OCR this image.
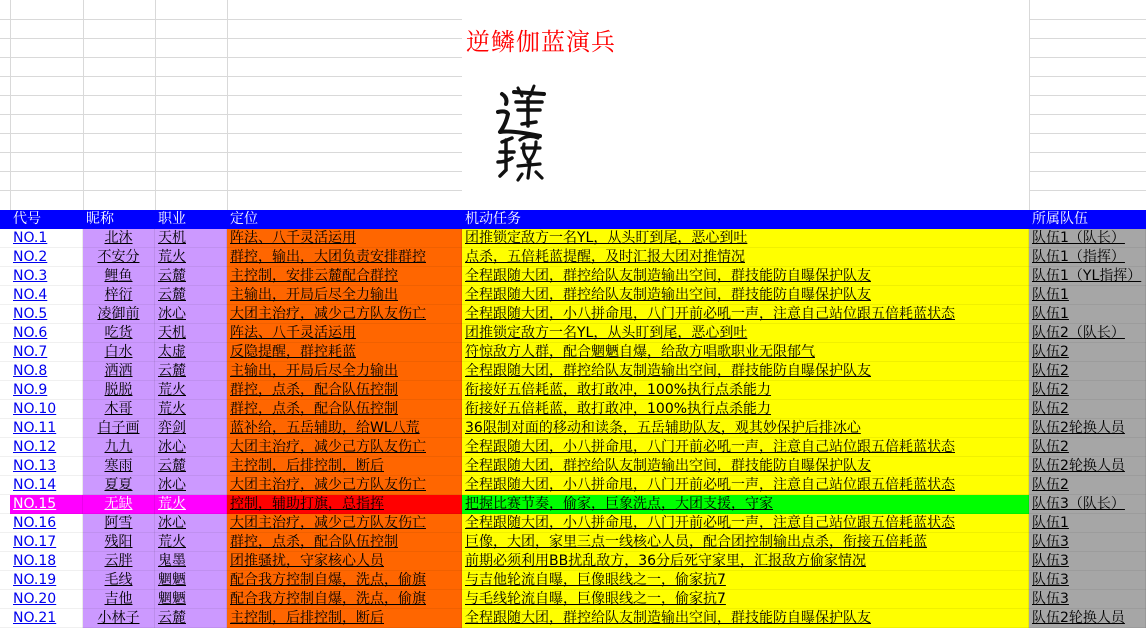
逆鳞伽蓝演兵
代号	昵称	职业	定位	机动任务	所属队伍
NO.1	北沐	天机	阵法、八千灵活运用	团推锁定敌方一名YL，从头盯到尾，恶心到吐	队伍1（队长）
NO.2	不安分	荒火	群控，输出，大团负责安排群控	点杀，五倍耗蓝提醒，及时汇报大团对推情况	队伍1（指挥）
NO.3	鲤鱼	云麓	主控制，安排云麓配合群控	全程跟随大团，群控给队友制造输出空间，群技能防自曝保护队友	队伍1（YL指挥）
NO.4	梓衍	云麓	主输出，开局后尽全力输出	全程跟随大团，群控给队友制造输出空间，群技能防自曝保护队友	队伍1
NO.5	凌御前	冰心	大团主治疗，减少己方队友伤亡	全程跟随大团，小八拼命甩，八门开前必吼一声，注意自己站位跟五倍耗蓝状态	队伍1
NO.6	吃货	天机	阵法、八千灵活运用	团推锁定敌方一名YL，从头盯到尾，恶心到吐	队伍2（队长）
NO.7	白水	太虚	反隐提醒，群控耗蓝	符惊敌方人群，配合魍魉自爆，给敌方唱歌职业无限郁气	队伍2
NO.8	洒洒	云麓	主输出，开局后尽全力输出	全程跟随大团，群控给队友制造输出空间，群技能防自曝保护队友	队伍2
NO.9	脱脱	荒火	群控，点杀，配合队伍控制	衔接好五倍耗蓝，敢打敢冲，100%执行点杀能力	队伍2
NO.10	木哥	荒火	群控，点杀，配合队伍控制	衔接好五倍耗蓝，敢打敢冲，100%执行点杀能力	队伍2
NO.11	白子画	弈剑	蓝补给，五岳辅助，给WL八荒	36限制对面的移动和读条，五岳辅助队友，观其妙保护后排冰心	队伍2轮换人员
NO.12	九九	冰心	大团主治疗，减少己方队友伤亡	全程跟随大团，小八拼命甩，八门开前必吼一声，注意自己站位跟五倍耗蓝状态	队伍2
NO.13	寒雨	云麓	主控制，后排控制，断后	全程跟随大团，群控给队友制造输出空间，群技能防自曝保护队友	队伍2轮换人员
NO.14	夏夏	冰心	大团主治疗，减少己方队友伤亡	全程跟随大团，小八拼命甩，八门开前必吼一声，注意自己站位跟五倍耗蓝状态	队伍2
NO.15	无缺	荒火	控制，辅助打旗，总指挥	把握比赛节奏，偷家，巨象洗点，大团支援，守家	队伍3（队长）
NO.16	阿雪	冰心	大团主治疗，减少己方队友伤亡	全程跟随大团，小八拼命甩，八门开前必吼一声，注意自己站位跟五倍耗蓝状态	队伍1
NO.17	残阳	荒火	群控，点杀，配合队伍控制	巨像，大团，家里三点一线核心人员，配合团控制输出点杀，衔接五倍耗蓝	队伍3
NO.18	云胖	鬼墨	团推骚扰，守家核心人员	前期必须利用BB扰乱敌方，36分后死守家里，汇报敌方偷家情况	队伍3
NO.19	毛线	魍魉	配合我方控制自爆，洗点，偷旗	与吉他轮流自曝，巨像眼线之一，偷家抗7	队伍3
NO.20	吉他	魍魉	配合我方控制自爆，洗点，偷旗	与毛线轮流自曝，巨像眼线之一，偷家抗7	队伍3
NO.21	小林子	云麓	主控制，后排控制，断后	全程跟随大团，群控给队友制造输出空间，群技能防自曝保护队友	队伍2轮换人员
